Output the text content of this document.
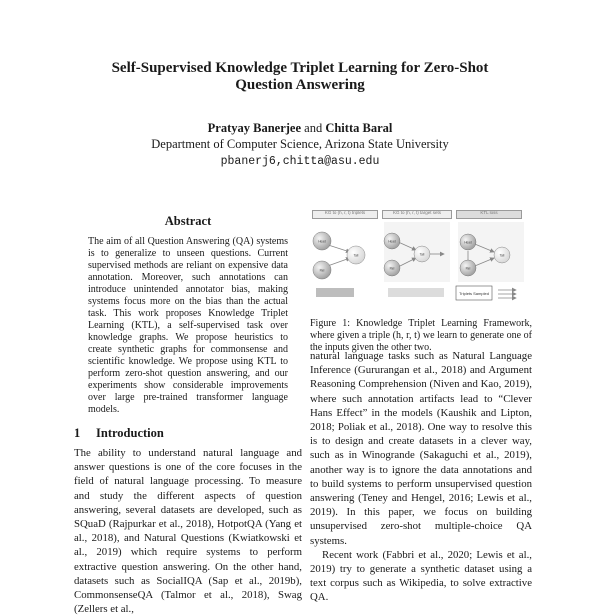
Self-Supervised Knowledge Triplet Learning for Zero-Shot
Question Answering
Pratyay Banerjee and Chitta Baral
Department of Computer Science, Arizona State University
pbanerj6,chitta@asu.edu
Abstract
The aim of all Question Answering (QA) systems is to generalize to unseen questions. Current supervised methods are reliant on expensive data annotation. Moreover, such annotations can introduce unintended annotator bias, making systems focus more on the bias than the actual task. This work proposes Knowledge Triplet Learning (KTL), a self-supervised task over knowledge graphs. We propose heuristics to create synthetic graphs for commonsense and scientific knowledge. We propose using KTL to perform zero-shot question answering, and our experiments show considerable improvements over large pre-trained transformer language models.
KG to (h, r, t) triplets	KG to (h, r, t) target sets	KTL loss
Head
Rel
Tail
Head
Rel
Tail
Head
Rel
Tail
Triplets Sampled
Figure 1: Knowledge Triplet Learning Framework, where given a triple (h, r, t) we learn to generate one of the inputs given the other two.
1 Introduction

The ability to understand natural language and answer questions is one of the core focuses in the field of natural language processing. To measure and study the different aspects of question answering, several datasets are developed, such as SQuaD (Rajpurkar et al., 2018), HotpotQA (Yang et al., 2018), and Natural Questions (Kwiatkowski et al., 2019) which require systems to perform extractive question answering. On the other hand, datasets such as SocialIQA (Sap et al., 2019b), CommonsenseQA (Talmor et al., 2018), Swag (Zellers et al.,

natural language tasks such as Natural Language Inference (Gururangan et al., 2018) and Argument Reasoning Comprehension (Niven and Kao, 2019), where such annotation artifacts lead to “Clever Hans Effect” in the models (Kaushik and Lipton, 2018; Poliak et al., 2018). One way to resolve this is to design and create datasets in a clever way, such as in Winogrande (Sakaguchi et al., 2019), another way is to ignore the data annotations and to build systems to perform unsupervised question answering (Teney and Hengel, 2016; Lewis et al., 2019). In this paper, we focus on building unsupervised zero-shot multiple-choice QA systems.

Recent work (Fabbri et al., 2020; Lewis et al., 2019) try to generate a synthetic dataset using a text corpus such as Wikipedia, to solve extractive QA.
